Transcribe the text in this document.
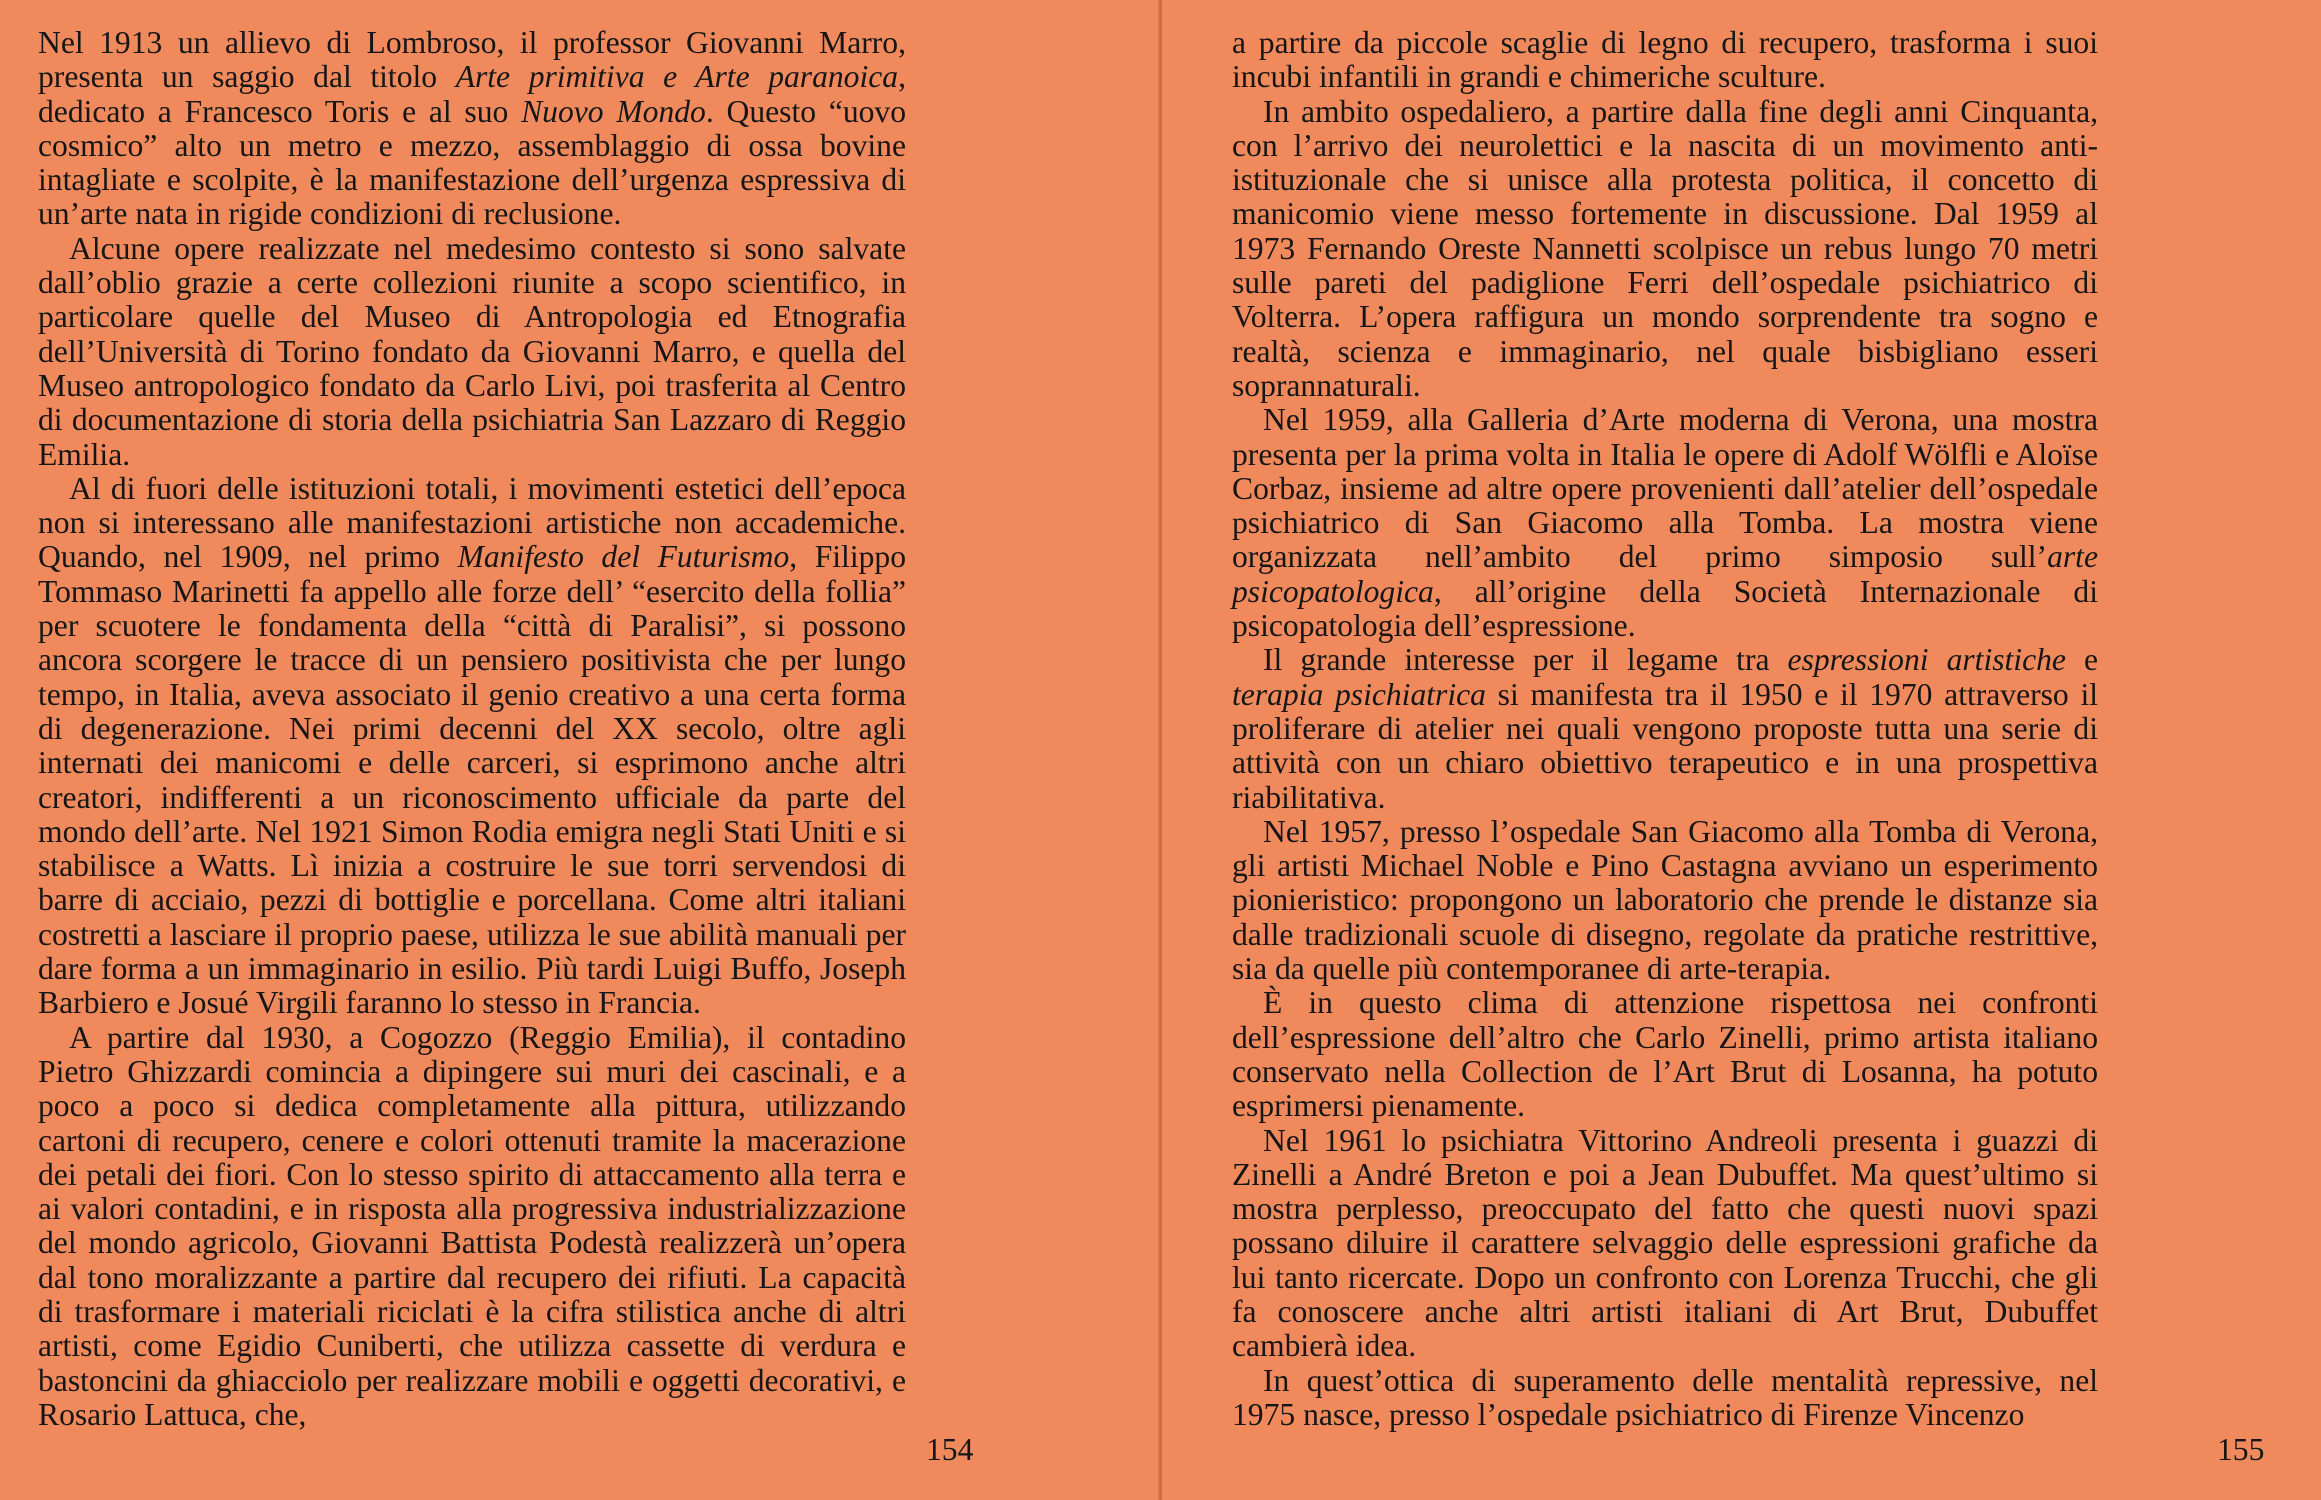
Nel 1913 un allievo di Lombroso, il professor Giovanni Marro, presenta un saggio dal titolo Arte primitiva e Arte paranoica, dedicato a Francesco Toris e al suo Nuovo Mondo. Questo “uovo cosmico” alto un metro e mezzo, assemblaggio di ossa bovine intagliate e scolpite, è la manifestazione dell’urgenza espressiva di un’arte nata in rigide condizioni di reclusione.

Alcune opere realizzate nel medesimo contesto si sono salvate dall’oblio grazie a certe collezioni riunite a scopo scientifico, in particolare quelle del Museo di Antropologia ed Etnografia dell’Università di Torino fondato da Giovanni Marro, e quella del Museo antropologico fondato da Carlo Livi, poi trasferita al Centro di documentazione di storia della psichiatria San Lazzaro di Reggio Emilia.

Al di fuori delle istituzioni totali, i movimenti estetici dell’epoca non si interessano alle manifestazioni artistiche non accademiche. Quando, nel 1909, nel primo Manifesto del Futurismo, Filippo Tommaso Marinetti fa appello alle forze dell’ “esercito della follia” per scuotere le fondamenta della “città di Paralisi”, si possono ancora scorgere le tracce di un pensiero positivista che per lungo tempo, in Italia, aveva associato il genio creativo a una certa forma di degenerazione. Nei primi decenni del XX secolo, oltre agli internati dei manicomi e delle carceri, si esprimono anche altri creatori, indifferenti a un riconoscimento ufficiale da parte del mondo dell’arte. Nel 1921 Simon Rodia emigra negli Stati Uniti e si stabilisce a Watts. Lì inizia a costruire le sue torri servendosi di barre di acciaio, pezzi di bottiglie e porcellana. Come altri italiani costretti a lasciare il proprio paese, utilizza le sue abilità manuali per dare forma a un immaginario in esilio. Più tardi Luigi Buffo, Joseph Barbiero e Josué Virgili faranno lo stesso in Francia.

A partire dal 1930, a Cogozzo (Reggio Emilia), il contadino Pietro Ghizzardi comincia a dipingere sui muri dei cascinali, e a poco a poco si dedica completamente alla pittura, utilizzando cartoni di recupero, cenere e colori ottenuti tramite la macerazione dei petali dei fiori. Con lo stesso spirito di attaccamento alla terra e ai valori contadini, e in risposta alla progressiva industrializzazione del mondo agricolo, Giovanni Battista Podestà realizzerà un’opera dal tono moralizzante a partire dal recupero dei rifiuti. La capacità di trasformare i materiali riciclati è la cifra stilistica anche di altri artisti, come Egidio Cuniberti, che utilizza cassette di verdura e bastoncini da ghiacciolo per realizzare mobili e oggetti decorativi, e Rosario Lattuca, che,

154

a partire da piccole scaglie di legno di recupero, trasforma i suoi incubi infantili in grandi e chimeriche sculture.

In ambito ospedaliero, a partire dalla fine degli anni Cinquanta, con l’arrivo dei neurolettici e la nascita di un movimento anti-istituzionale che si unisce alla protesta politica, il concetto di manicomio viene messo fortemente in discussione. Dal 1959 al 1973 Fernando Oreste Nannetti scolpisce un rebus lungo 70 metri sulle pareti del padiglione Ferri dell’ospedale psichiatrico di Volterra. L’opera raffigura un mondo sorprendente tra sogno e realtà, scienza e immaginario, nel quale bisbigliano esseri soprannaturali.

Nel 1959, alla Galleria d’Arte moderna di Verona, una mostra presenta per la prima volta in Italia le opere di Adolf Wölfli e Aloïse Corbaz, insieme ad altre opere provenienti dall’atelier dell’ospedale psichiatrico di San Giacomo alla Tomba. La mostra viene organizzata nell’ambito del primo simposio sull’arte psicopatologica, all’origine della Società Internazionale di psicopatologia dell’espressione.

Il grande interesse per il legame tra espressioni artistiche e terapia psichiatrica si manifesta tra il 1950 e il 1970 attraverso il proliferare di atelier nei quali vengono proposte tutta una serie di attività con un chiaro obiettivo terapeutico e in una prospettiva riabilitativa.

Nel 1957, presso l’ospedale San Giacomo alla Tomba di Verona, gli artisti Michael Noble e Pino Castagna avviano un esperimento pionieristico: propongono un laboratorio che prende le distanze sia dalle tradizionali scuole di disegno, regolate da pratiche restrittive, sia da quelle più contemporanee di arte-terapia.

È in questo clima di attenzione rispettosa nei confronti dell’espressione dell’altro che Carlo Zinelli, primo artista italiano conservato nella Collection de l’Art Brut di Losanna, ha potuto esprimersi pienamente.

Nel 1961 lo psichiatra Vittorino Andreoli presenta i guazzi di Zinelli a André Breton e poi a Jean Dubuffet. Ma quest’ultimo si mostra perplesso, preoccupato del fatto che questi nuovi spazi possano diluire il carattere selvaggio delle espressioni grafiche da lui tanto ricercate. Dopo un confronto con Lorenza Trucchi, che gli fa conoscere anche altri artisti italiani di Art Brut, Dubuffet cambierà idea.

In quest’ottica di superamento delle mentalità repressive, nel 1975 nasce, presso l’ospedale psichiatrico di Firenze Vincenzo

155
